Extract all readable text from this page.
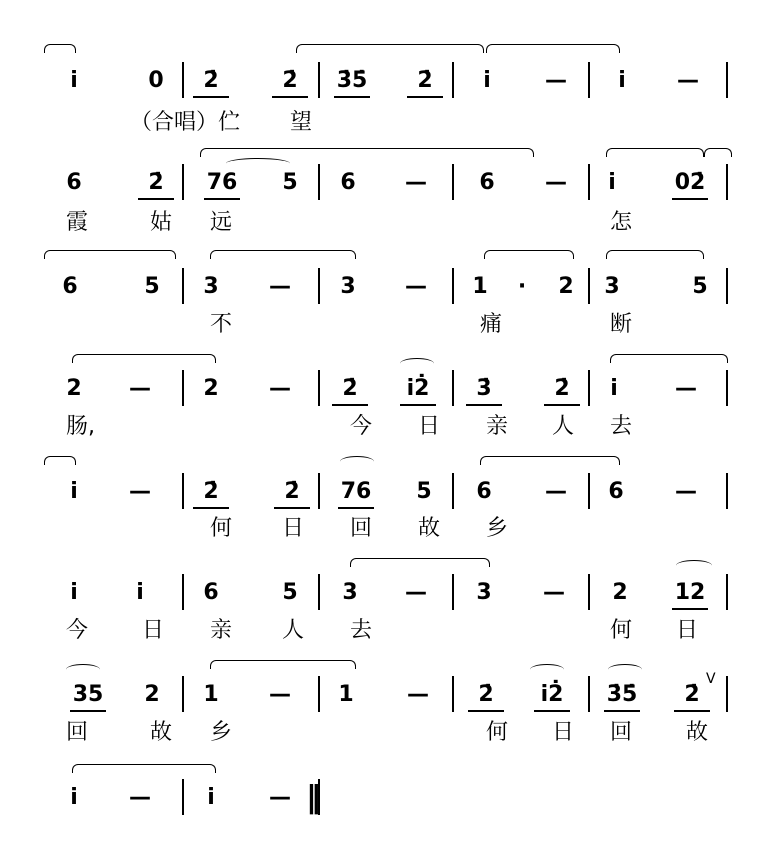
i	0	2̇	2̇	3̇5̇	2̇	i	—	i	—
（合唱）伫 望
6	2̇	76	5 6 — 6 —	i	02̇
霞	姑 远	怎
6	5 3 — 3 — 1	·	2 3	5
不	痛	断
2 — 2 —	2̇	i2̇	3̇	2̇	i	—
肠,	今 日 亲 人 去
i	—	2̇	2̇	76	5 6 — 6 —
何 日 回 故 乡
i	i	6	5 3 — 3 — 2	12
今 日 亲 人 去	何 日
35	2 1 — 1 —	2̇	i2̇	3̇5̇	2̇
V
回	故 乡	何 日 回 故
i	—	i	— ‖
